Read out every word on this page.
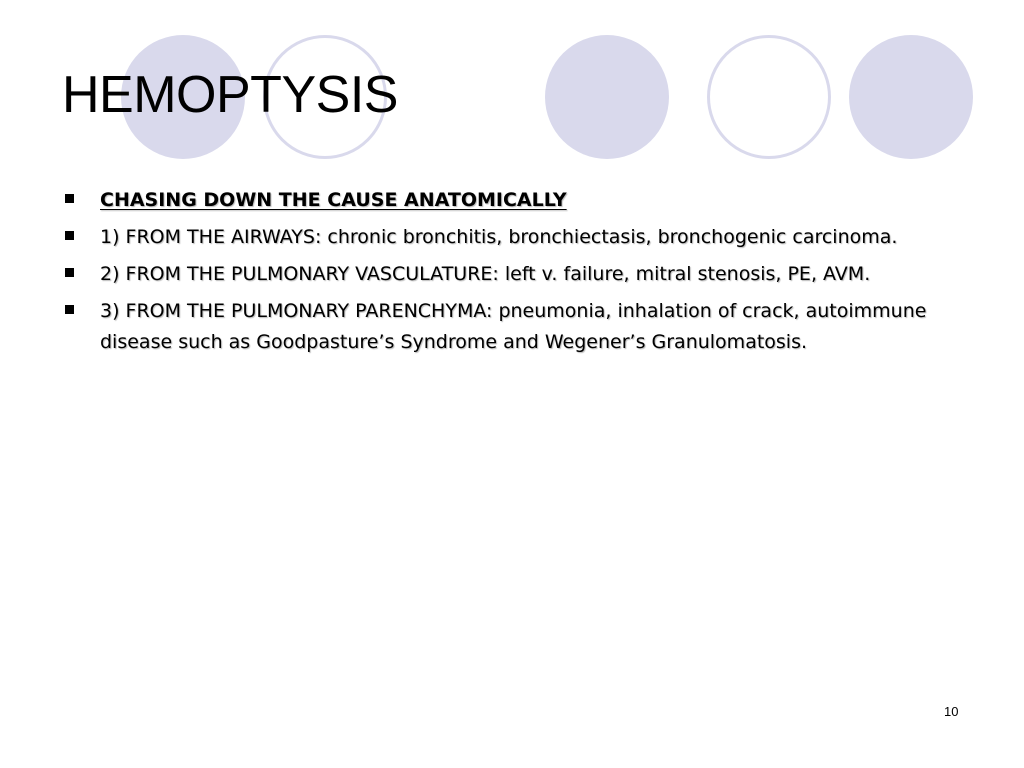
HEMOPTYSIS
CHASING DOWN THE CAUSE ANATOMICALLY
1) FROM THE AIRWAYS: chronic bronchitis, bronchiectasis, bronchogenic carcinoma.
2) FROM THE PULMONARY VASCULATURE: left v. failure, mitral stenosis, PE, AVM.
3) FROM THE PULMONARY PARENCHYMA: pneumonia, inhalation of crack, autoimmune disease such as Goodpasture’s Syndrome and Wegener’s Granulomatosis.
10
